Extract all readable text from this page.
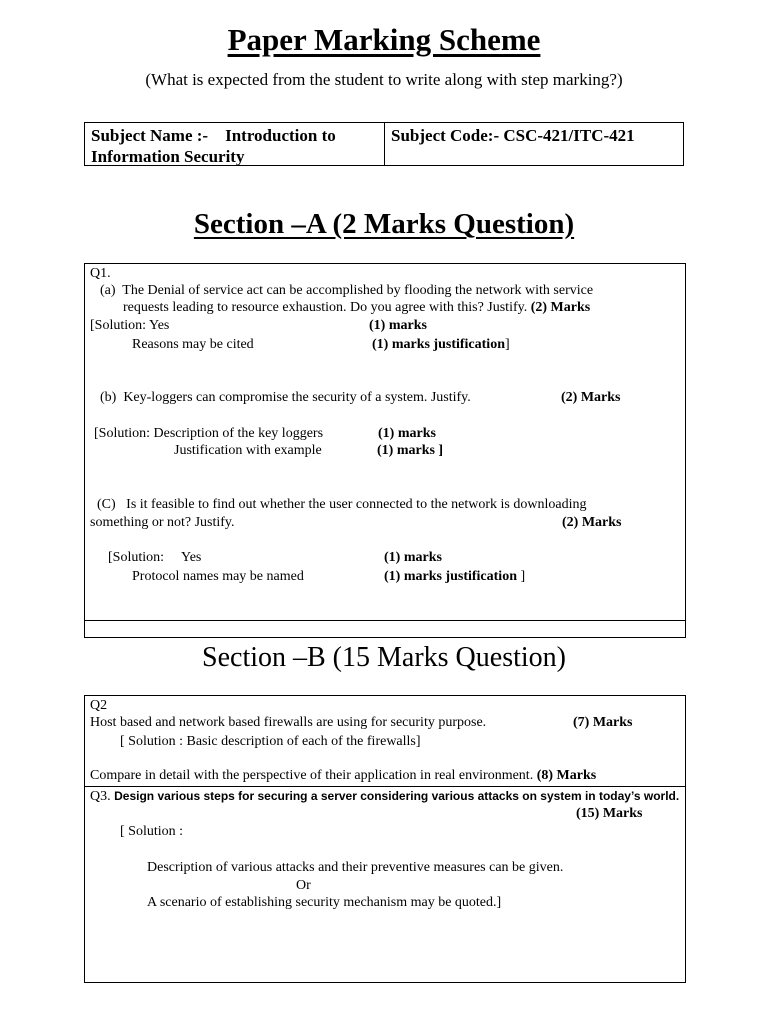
Paper Marking Scheme
(What is expected from the student to write along with step marking?)
Subject Name :-    Introduction to
Information Security
Subject Code:- CSC-421/ITC-421
Section –A (2 Marks Question)
Q1.
(a)  The Denial of service act can be accomplished by flooding the network with service
requests leading to resource exhaustion. Do you agree with this? Justify. (2) Marks
[Solution: Yes	(1) marks
Reasons may be cited	(1) marks justification]
(b)  Key-loggers can compromise the security of a system. Justify.	(2) Marks
[Solution: Description of the key loggers	(1) marks
Justification with example	(1) marks ]
(C)   Is it feasible to find out whether the user connected to the network is downloading
something or not? Justify.	(2) Marks
[Solution:     Yes	(1) marks
Protocol names may be named	(1) marks justification ]
Section –B (15 Marks Question)
Q2
Host based and network based firewalls are using for security purpose.	(7) Marks
[ Solution : Basic description of each of the firewalls]
Compare in detail with the perspective of their application in real environment. (8) Marks
Q3. Design various steps for securing a server considering various attacks on system in today’s world.
(15) Marks
[ Solution :
Description of various attacks and their preventive measures can be given.
Or
A scenario of establishing security mechanism may be quoted.]
